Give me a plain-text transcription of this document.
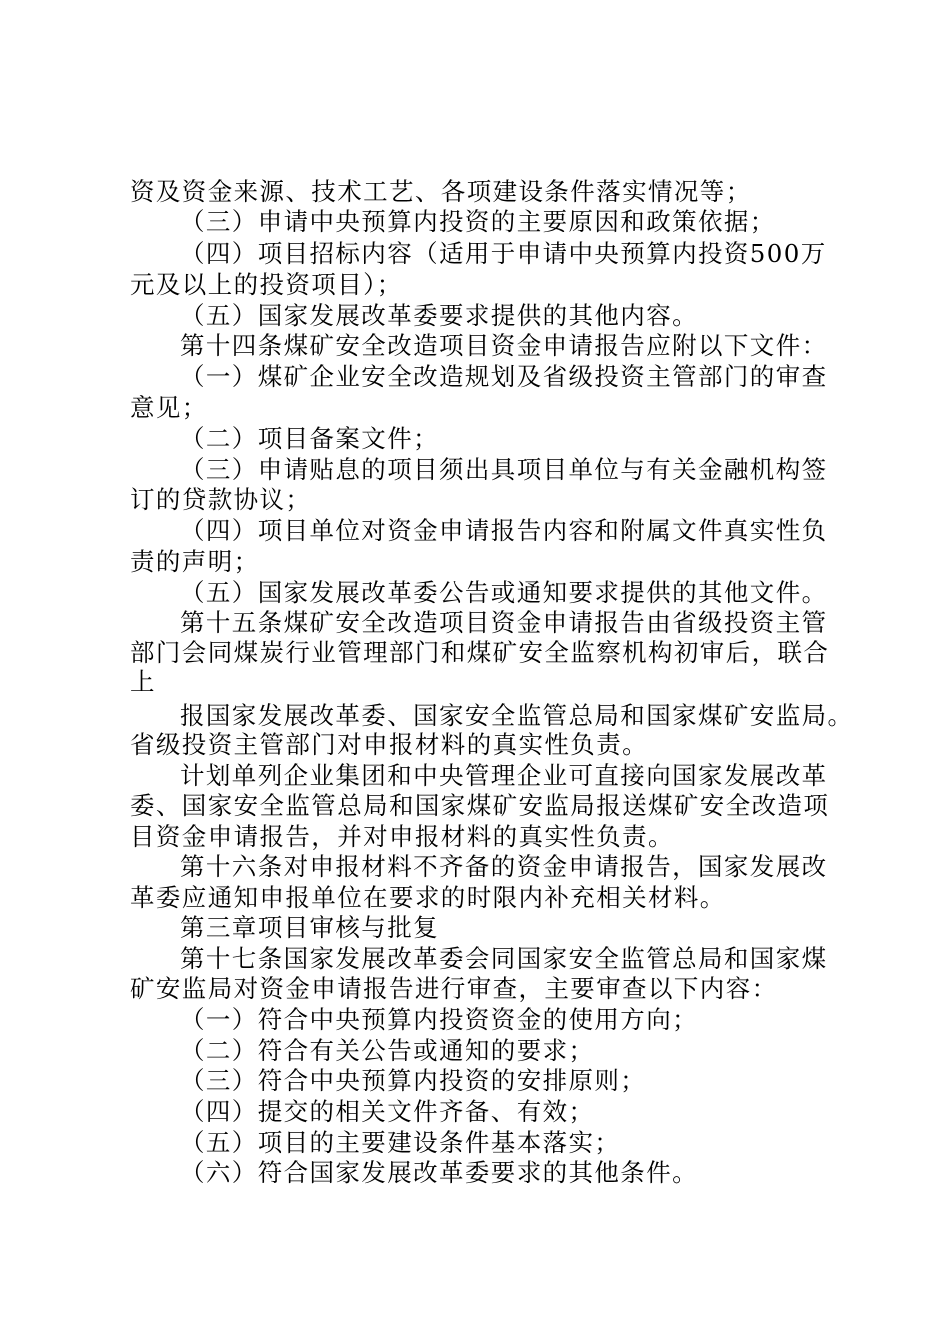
资及资金来源、技术工艺、各项建设条件落实情况等；
（三）申请中央预算内投资的主要原因和政策依据；
（四）项目招标内容（适用于申请中央预算内投资500万
元及以上的投资项目）；
（五）国家发展改革委要求提供的其他内容。
第十四条煤矿安全改造项目资金申请报告应附以下文件：
（一）煤矿企业安全改造规划及省级投资主管部门的审查
意见；
（二）项目备案文件；
（三）申请贴息的项目须出具项目单位与有关金融机构签
订的贷款协议；
（四）项目单位对资金申请报告内容和附属文件真实性负
责的声明；
（五）国家发展改革委公告或通知要求提供的其他文件。
第十五条煤矿安全改造项目资金申请报告由省级投资主管
部门会同煤炭行业管理部门和煤矿安全监察机构初审后，联合
上
报国家发展改革委、国家安全监管总局和国家煤矿安监局。
省级投资主管部门对申报材料的真实性负责。
计划单列企业集团和中央管理企业可直接向国家发展改革
委、国家安全监管总局和国家煤矿安监局报送煤矿安全改造项
目资金申请报告，并对申报材料的真实性负责。
第十六条对申报材料不齐备的资金申请报告，国家发展改
革委应通知申报单位在要求的时限内补充相关材料。
第三章项目审核与批复
第十七条国家发展改革委会同国家安全监管总局和国家煤
矿安监局对资金申请报告进行审查，主要审查以下内容：
（一）符合中央预算内投资资金的使用方向；
（二）符合有关公告或通知的要求；
（三）符合中央预算内投资的安排原则；
（四）提交的相关文件齐备、有效；
（五）项目的主要建设条件基本落实；
（六）符合国家发展改革委要求的其他条件。
